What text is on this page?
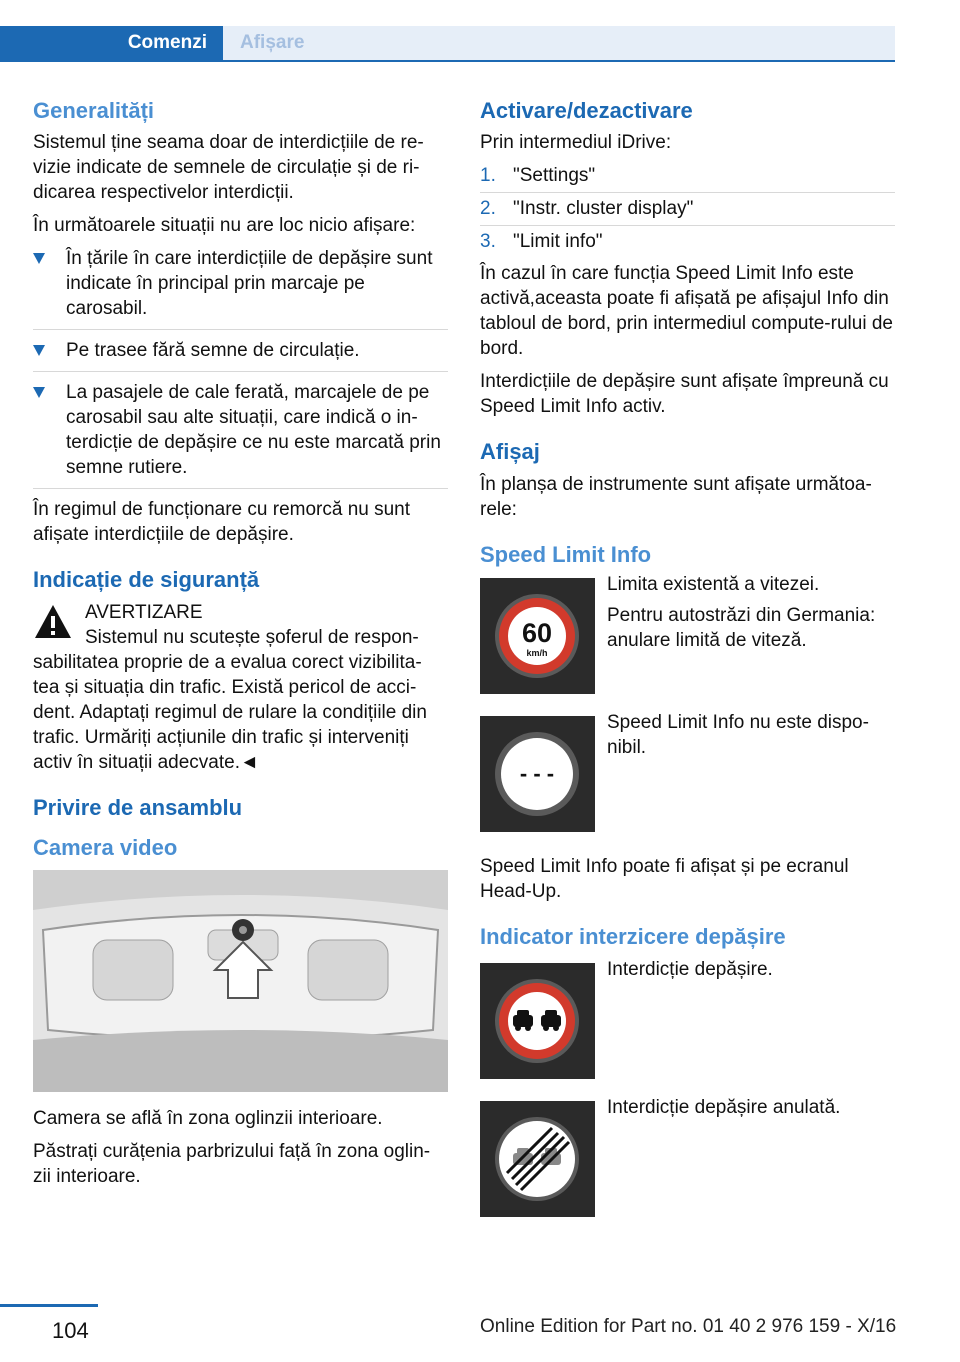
Comenzi	Afișare
Generalități

Sistemul ține seama doar de interdicțiile de re-vizie indicate de semnele de circulație și de ri-dicarea respectivelor interdicții.

În următoarele situații nu are loc nicio afișare:

În țările în care interdicțiile de depășire sunt indicate în principal prin marcaje pe carosabil.
Pe trasee fără semne de circulație.
La pasajele de cale ferată, marcajele de pe carosabil sau alte situații, care indică o in-terdicție de depășire ce nu este marcată prin semne rutiere.

În regimul de funcționare cu remorcă nu sunt afișate interdicțiile de depășire.

Indicație de siguranță

AVERTIZARE

Sistemul nu scutește șoferul de respon-

sabilitatea proprie de a evalua corect vizibilita-tea și situația din trafic. Există pericol de acci-dent. Adaptați regimul de rulare la condițiile din trafic. Urmăriți acțiunile din trafic și interveniți activ în situații adecvate.◄

Privire de ansamblu
Camera video

Camera se află în zona oglinzii interioare.

Păstrați curățenia parbrizului față în zona oglin-zii interioare.

Activare/dezactivare

Prin intermediul iDrive:

1. "Settings"
2. "Instr. cluster display"
3. "Limit info"

În cazul în care funcția Speed Limit Info este activă,aceasta poate fi afișată pe afișajul Info din tabloul de bord, prin intermediul compute-rului de bord.

Interdicțiile de depășire sunt afișate împreună cu Speed Limit Info activ.

Afișaj

În planșa de instrumente sunt afișate următoa-rele:

Speed Limit Info
60
km/h

Limita existentă a vitezei.

Pentru autostrăzi din Germania: anulare limită de viteză.

- - -

Speed Limit Info nu este dispo-nibil.

Speed Limit Info poate fi afișat și pe ecranul Head-Up.

Indicator interzicere depășire

Interdicție depășire.

Interdicție depășire anulată.

104	Online Edition for Part no. 01 40 2 976 159 - X/16
